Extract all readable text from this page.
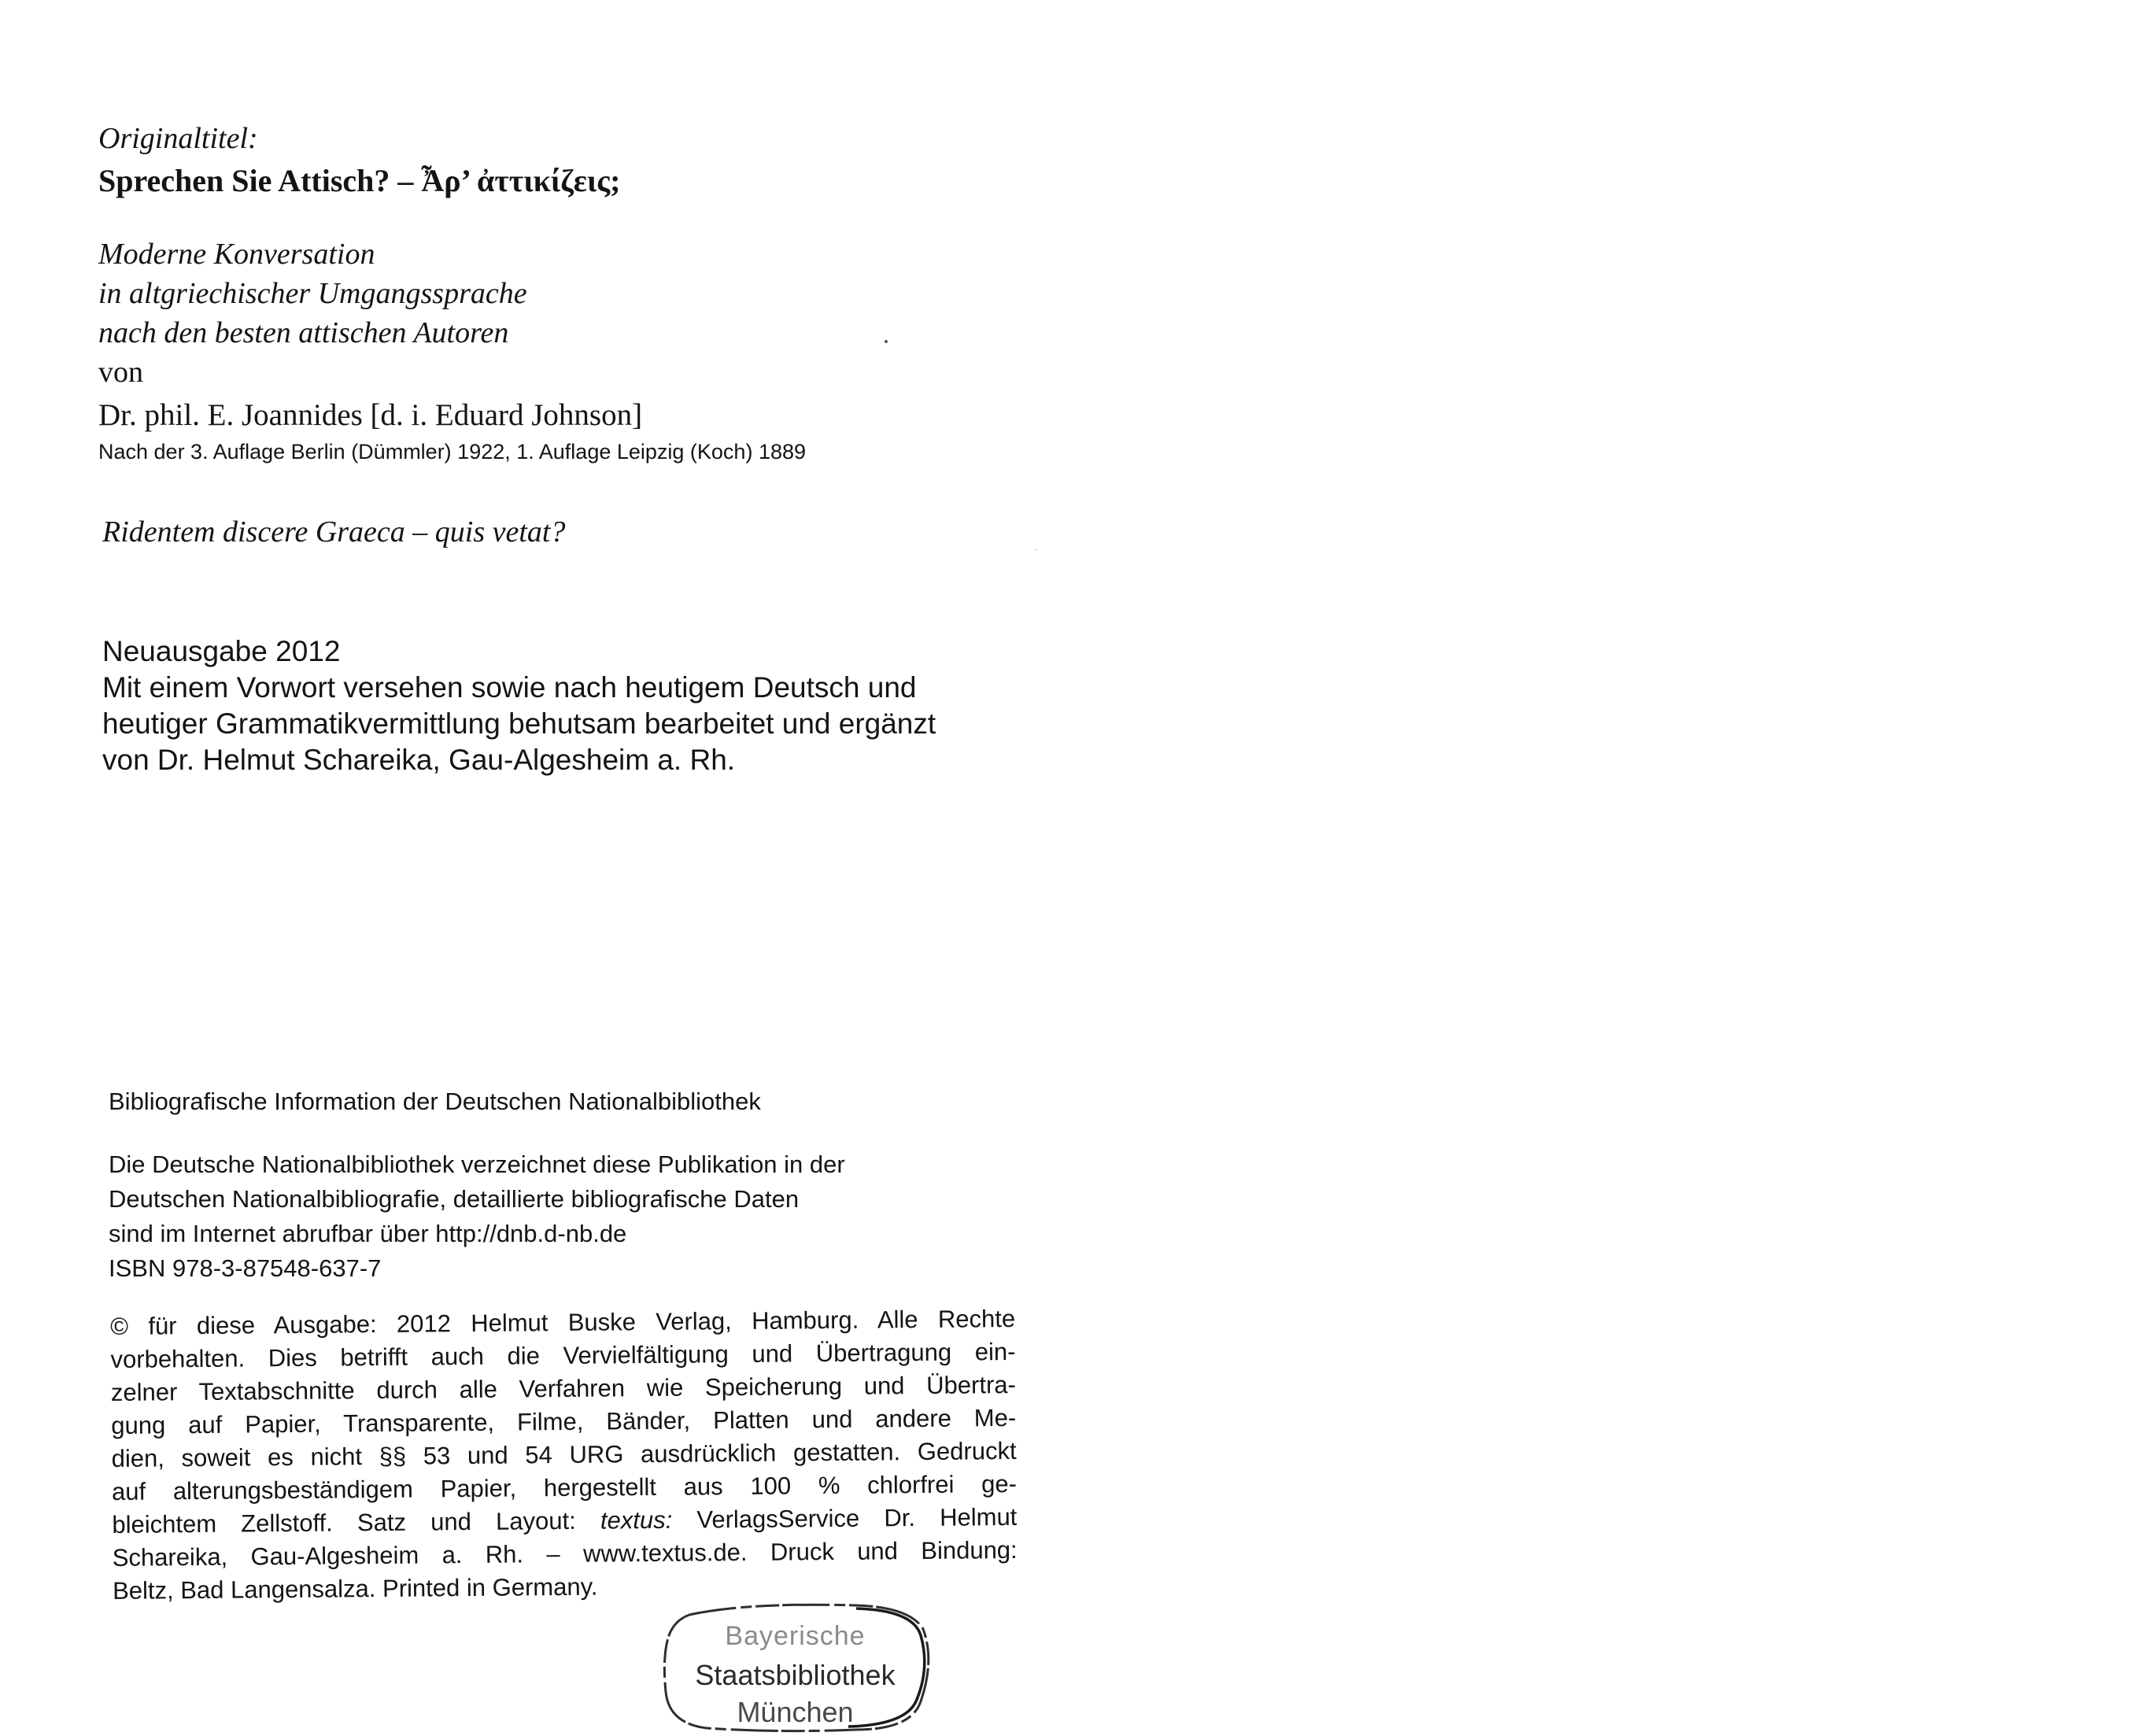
Originaltitel:
Sprechen Sie Attisch? – Ἆρ’ ἀττικίζεις;
Moderne Konversation
in altgriechischer Umgangssprache
nach den besten attischen Autoren
von
Dr. phil. E. Joannides [d. i. Eduard Johnson]
Nach der 3. Auflage Berlin (Dümmler) 1922, 1. Auflage Leipzig (Koch) 1889
Ridentem discere Graeca – quis vetat?
Neuausgabe 2012
Mit einem Vorwort versehen sowie nach heutigem Deutsch und
heutiger Grammatikvermittlung behutsam bearbeitet und ergänzt
von Dr. Helmut Schareika, Gau-Algesheim a. Rh.
Bibliografische Information der Deutschen Nationalbibliothek
Die Deutsche Nationalbibliothek verzeichnet diese Publikation in der
Deutschen Nationalbibliografie, detaillierte bibliografische Daten
sind im Internet abrufbar über http://dnb.d-nb.de
ISBN 978-3-87548-637-7
© für diese Ausgabe: 2012 Helmut Buske Verlag, Hamburg. Alle Rechte
vorbehalten. Dies betrifft auch die Vervielfältigung und Übertragung ein-
zelner Textabschnitte durch alle Verfahren wie Speicherung und Übertra-
gung auf Papier, Transparente, Filme, Bänder, Platten und andere Me-
dien, soweit es nicht §§ 53 und 54 URG ausdrücklich gestatten. Gedruckt
auf alterungsbeständigem Papier, hergestellt aus 100 % chlorfrei ge-
bleichtem Zellstoff. Satz und Layout: textus: VerlagsService Dr. Helmut
Schareika, Gau-Algesheim a. Rh. – www.textus.de. Druck und Bindung:
Beltz, Bad Langensalza. Printed in Germany.
Bayerische
Staatsbibliothek
München
